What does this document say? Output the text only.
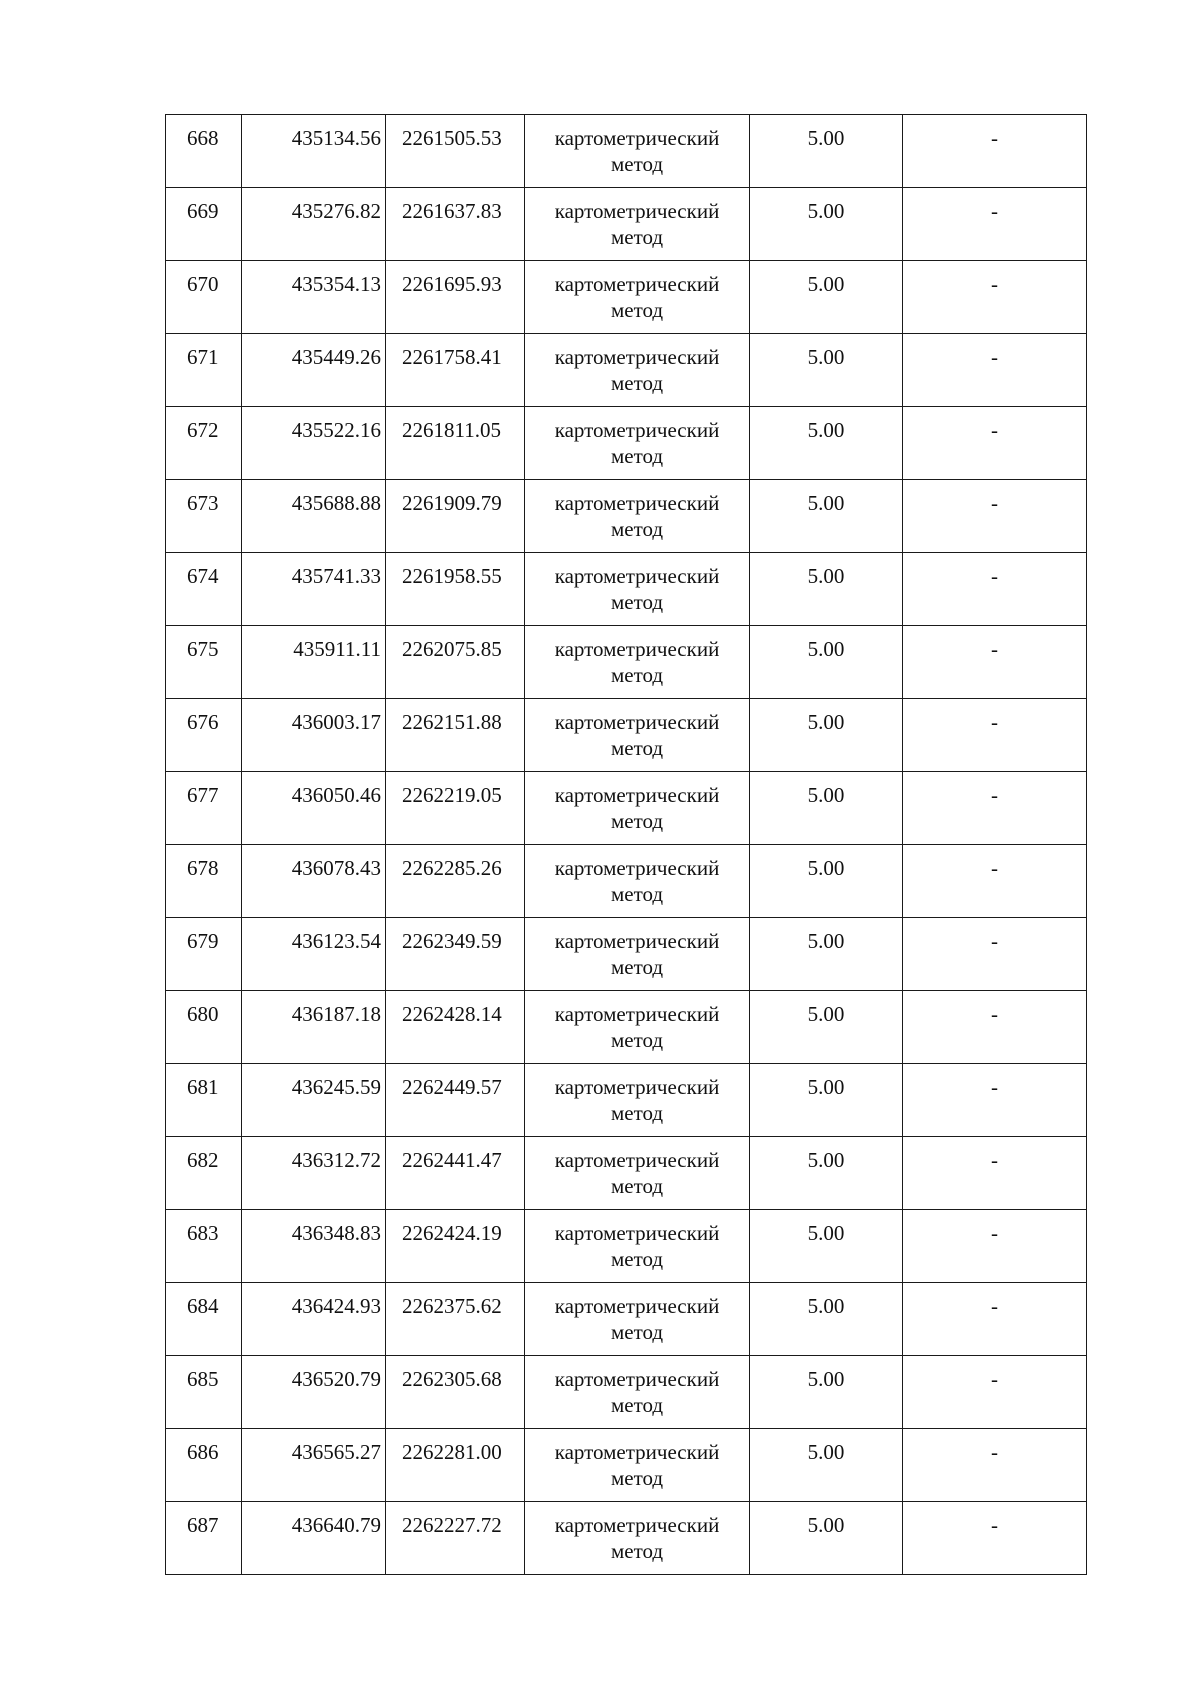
668	435134.56	2261505.53	картометрический метод	5.00	-
669	435276.82	2261637.83	картометрический метод	5.00	-
670	435354.13	2261695.93	картометрический метод	5.00	-
671	435449.26	2261758.41	картометрический метод	5.00	-
672	435522.16	2261811.05	картометрический метод	5.00	-
673	435688.88	2261909.79	картометрический метод	5.00	-
674	435741.33	2261958.55	картометрический метод	5.00	-
675	435911.11	2262075.85	картометрический метод	5.00	-
676	436003.17	2262151.88	картометрический метод	5.00	-
677	436050.46	2262219.05	картометрический метод	5.00	-
678	436078.43	2262285.26	картометрический метод	5.00	-
679	436123.54	2262349.59	картометрический метод	5.00	-
680	436187.18	2262428.14	картометрический метод	5.00	-
681	436245.59	2262449.57	картометрический метод	5.00	-
682	436312.72	2262441.47	картометрический метод	5.00	-
683	436348.83	2262424.19	картометрический метод	5.00	-
684	436424.93	2262375.62	картометрический метод	5.00	-
685	436520.79	2262305.68	картометрический метод	5.00	-
686	436565.27	2262281.00	картометрический метод	5.00	-
687	436640.79	2262227.72	картометрический метод	5.00	-
